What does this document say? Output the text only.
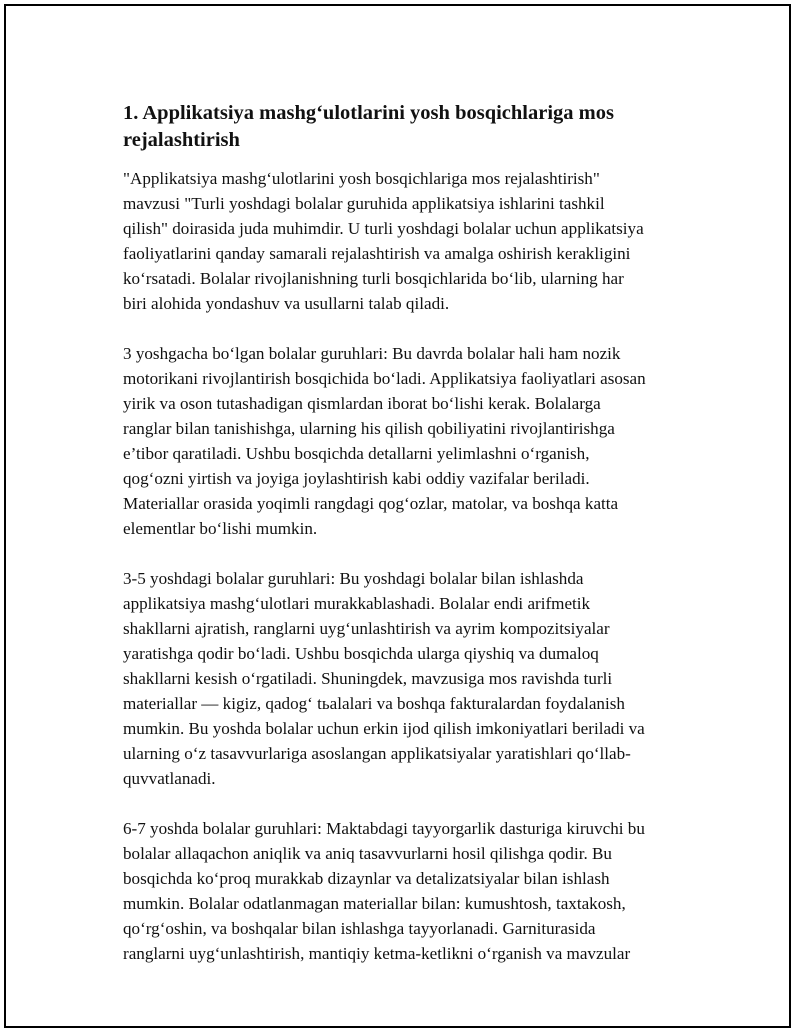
1. Applikatsiya mashg‘ulotlarini yosh bosqichlariga mos
rejalashtirish

"Applikatsiya mashg‘ulotlarini yosh bosqichlariga mos rejalashtirish"
mavzusi "Turli yoshdagi bolalar guruhida applikatsiya ishlarini tashkil
qilish" doirasida juda muhimdir. U turli yoshdagi bolalar uchun applikatsiya
faoliyatlarini qanday samarali rejalashtirish va amalga oshirish kerakligini
ko‘rsatadi. Bolalar rivojlanishning turli bosqichlarida bo‘lib, ularning har
biri alohida yondashuv va usullarni talab qiladi.

3 yoshgacha bo‘lgan bolalar guruhlari: Bu davrda bolalar hali ham nozik
motorikani rivojlantirish bosqichida bo‘ladi. Applikatsiya faoliyatlari asosan
yirik va oson tutashadigan qismlardan iborat bo‘lishi kerak. Bolalarga
ranglar bilan tanishishga, ularning his qilish qobiliyatini rivojlantirishga
e’tibor qaratiladi. Ushbu bosqichda detallarni yelimlashni o‘rganish,
qog‘ozni yirtish va joyiga joylashtirish kabi oddiy vazifalar beriladi.
Materiallar orasida yoqimli rangdagi qog‘ozlar, matolar, va boshqa katta
elementlar bo‘lishi mumkin.

3-5 yoshdagi bolalar guruhlari: Bu yoshdagi bolalar bilan ishlashda
applikatsiya mashg‘ulotlari murakkablashadi. Bolalar endi arifmetik
shakllarni ajratish, ranglarni uyg‘unlashtirish va ayrim kompozitsiyalar
yaratishga qodir bo‘ladi. Ushbu bosqichda ularga qiyshiq va dumaloq
shakllarni kesish o‘rgatiladi. Shuningdek, mavzusiga mos ravishda turli
materiallar — kigiz, qadog‘ tьalalari va boshqa fakturalardan foydalanish
mumkin. Bu yoshda bolalar uchun erkin ijod qilish imkoniyatlari beriladi va
ularning o‘z tasavvurlariga asoslangan applikatsiyalar yaratishlari qo‘llab-
quvvatlanadi.

6-7 yoshda bolalar guruhlari: Maktabdagi tayyorgarlik dasturiga kiruvchi bu
bolalar allaqachon aniqlik va aniq tasavvurlarni hosil qilishga qodir. Bu
bosqichda ko‘proq murakkab dizaynlar va detalizatsiyalar bilan ishlash
mumkin. Bolalar odatlanmagan materiallar bilan: kumushtosh, taxtakosh,
qo‘rg‘oshin, va boshqalar bilan ishlashga tayyorlanadi. Garniturasida
ranglarni uyg‘unlashtirish, mantiqiy ketma-ketlikni o‘rganish va mavzular
